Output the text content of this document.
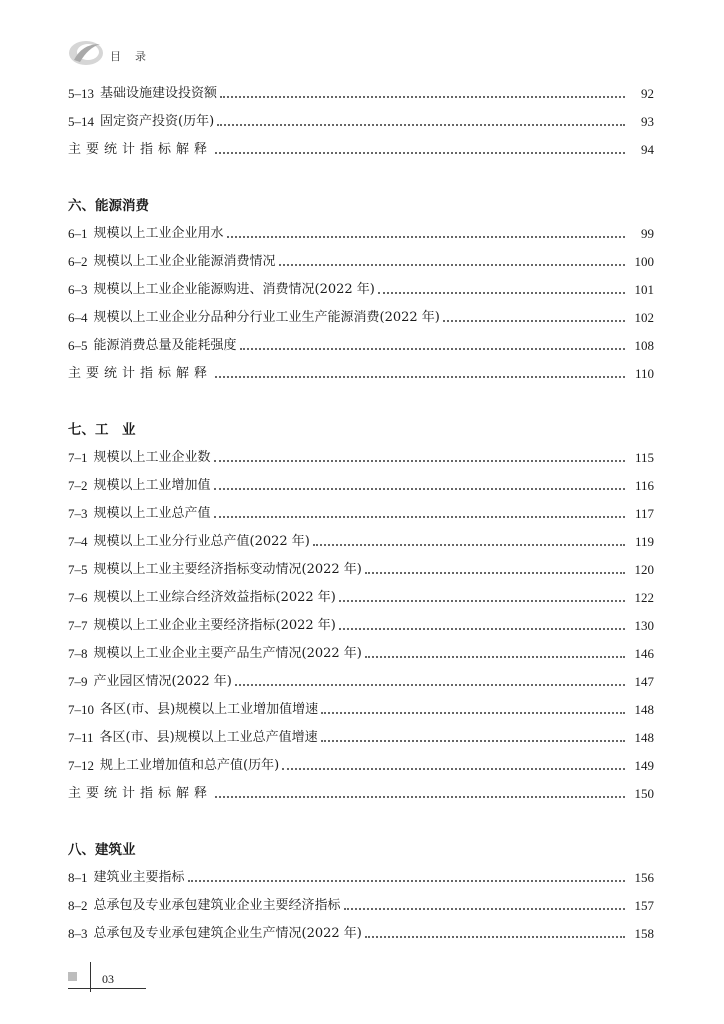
目录
5–13 基础设施建设投资额	92
5–14 固定资产投资(历年)	93
主要统计指标解释	94
六、能源消费
6–1 规模以上工业企业用水	99
6–2 规模以上工业企业能源消费情况	100
6–3 规模以上工业企业能源购进、消费情况(2022 年)	101
6–4 规模以上工业企业分品种分行业工业生产能源消费(2022 年)	102
6–5 能源消费总量及能耗强度	108
主要统计指标解释	110
七、工　业
7–1 规模以上工业企业数	115
7–2 规模以上工业增加值	116
7–3 规模以上工业总产值	117
7–4 规模以上工业分行业总产值(2022 年)	119
7–5 规模以上工业主要经济指标变动情况(2022 年)	120
7–6 规模以上工业综合经济效益指标(2022 年)	122
7–7 规模以上工业企业主要经济指标(2022 年)	130
7–8 规模以上工业企业主要产品生产情况(2022 年)	146
7–9 产业园区情况(2022 年)	147
7–10 各区(市、县)规模以上工业增加值增速	148
7–11 各区(市、县)规模以上工业总产值增速	148
7–12 规上工业增加值和总产值(历年)	149
主要统计指标解释	150
八、建筑业
8–1 建筑业主要指标	156
8–2 总承包及专业承包建筑业企业主要经济指标	157
8–3 总承包及专业承包建筑企业生产情况(2022 年)	158
03
